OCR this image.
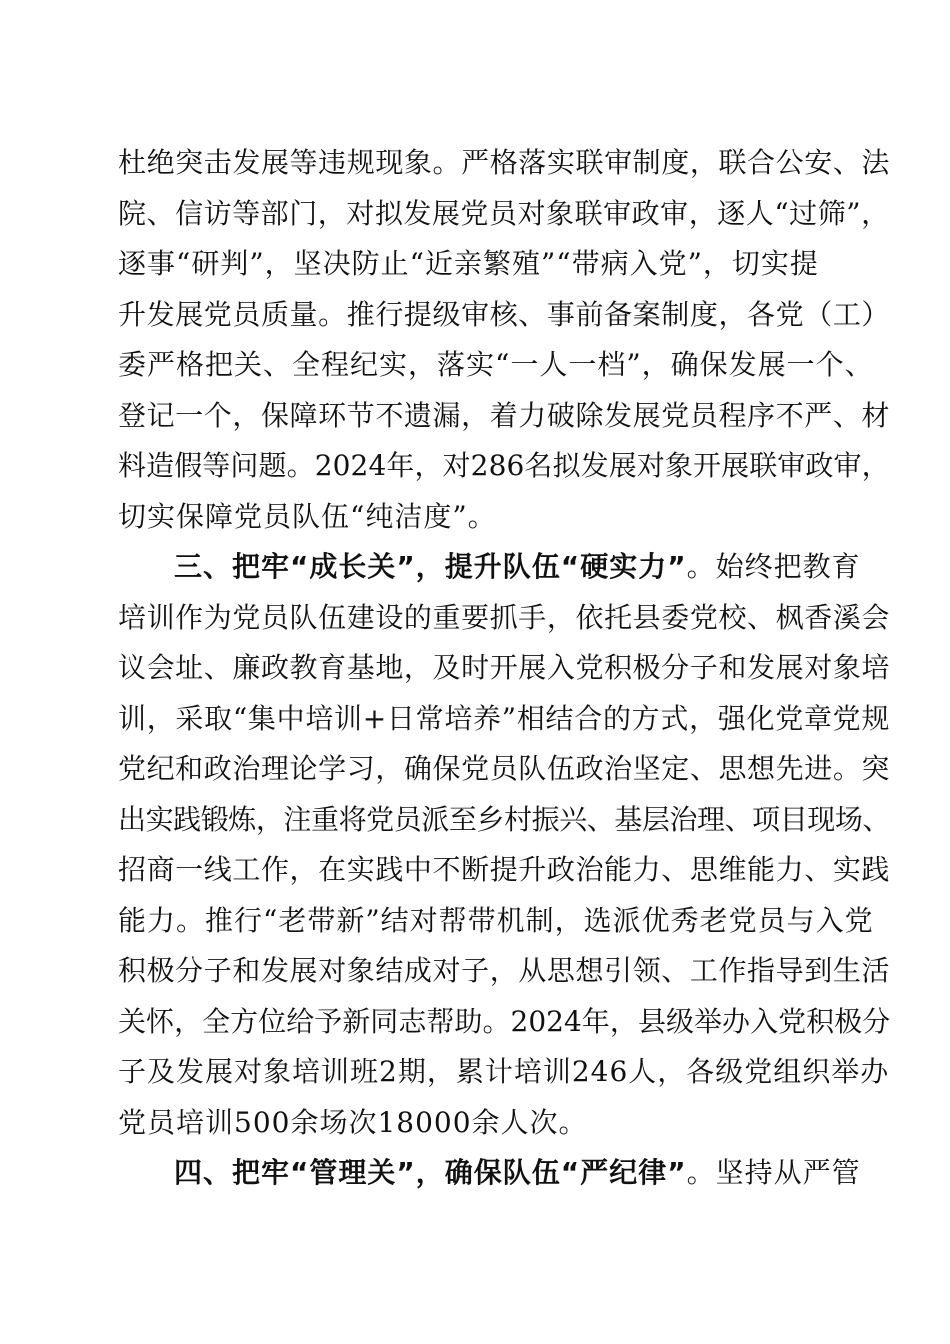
杜绝突击发展等违规现象。严格落实联审制度，联合公安、法
院、信访等部门，对拟发展党员对象联审政审，逐人“过筛”，
逐事“研判”，坚决防止“近亲繁殖”“带病入党”，切实提
升发展党员质量。推行提级审核、事前备案制度，各党（工）
委严格把关、全程纪实，落实“一人一档”，确保发展一个、
登记一个，保障环节不遗漏，着力破除发展党员程序不严、材
料造假等问题。2024年，对286名拟发展对象开展联审政审，
切实保障党员队伍“纯洁度”。
三、把牢“成长关”，提升队伍“硬实力”。始终把教育
培训作为党员队伍建设的重要抓手，依托县委党校、枫香溪会
议会址、廉政教育基地，及时开展入党积极分子和发展对象培
训，采取“集中培训+日常培养”相结合的方式，强化党章党规
党纪和政治理论学习，确保党员队伍政治坚定、思想先进。突
出实践锻炼，注重将党员派至乡村振兴、基层治理、项目现场、
招商一线工作，在实践中不断提升政治能力、思维能力、实践
能力。推行“老带新”结对帮带机制，选派优秀老党员与入党
积极分子和发展对象结成对子，从思想引领、工作指导到生活
关怀，全方位给予新同志帮助。2024年，县级举办入党积极分
子及发展对象培训班2期，累计培训246人，各级党组织举办
党员培训500余场次18000余人次。
四、把牢“管理关”，确保队伍“严纪律”。坚持从严管
